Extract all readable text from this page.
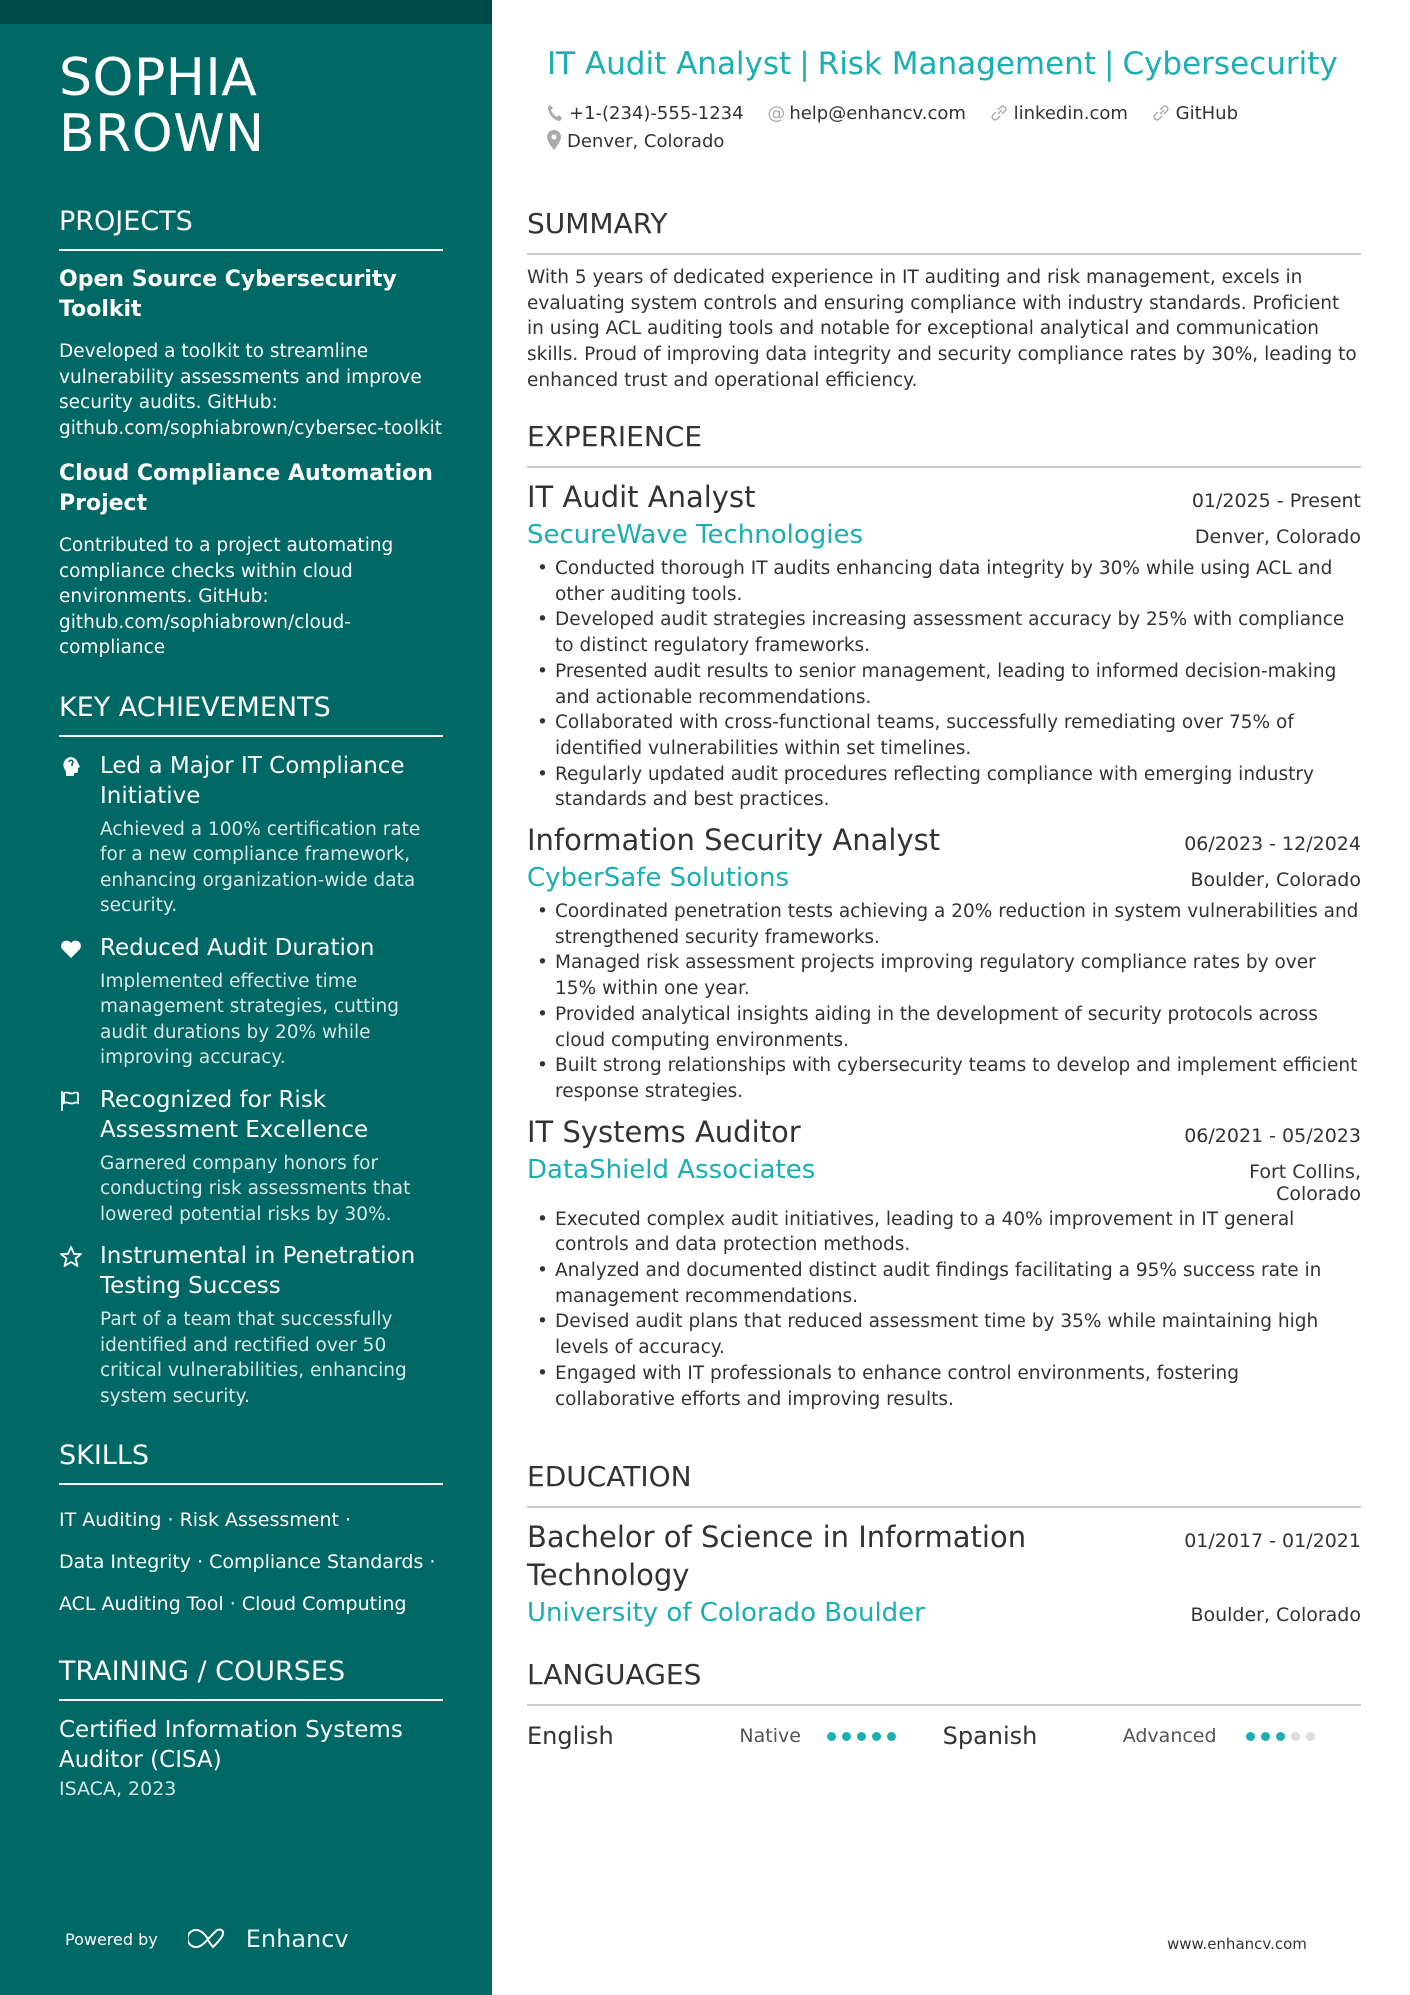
SOPHIA
BROWN
PROJECTS
Open Source Cybersecurity Toolkit
Developed a toolkit to streamline vulnerability assessments and improve security audits. GitHub: github.com/sophiabrown/cybersec-toolkit
Cloud Compliance Automation Project
Contributed to a project automating compliance checks within cloud environments. GitHub: github.com/sophiabrown/cloud-compliance
KEY ACHIEVEMENTS
Led a Major IT Compliance Initiative
Achieved a 100% certification rate for a new compliance framework, enhancing organization-wide data security.
Reduced Audit Duration
Implemented effective time management strategies, cutting audit durations by 20% while improving accuracy.
Recognized for Risk Assessment Excellence
Garnered company honors for conducting risk assessments that lowered potential risks by 30%.
Instrumental in Penetration Testing Success
Part of a team that successfully identified and rectified over 50 critical vulnerabilities, enhancing system security.
SKILLS
IT Auditing · Risk Assessment ·
Data Integrity · Compliance Standards ·
ACL Auditing Tool · Cloud Computing
TRAINING / COURSES
Certified Information Systems Auditor (CISA)
ISACA, 2023
Powered by	Enhancv
IT Audit Analyst | Risk Management | Cybersecurity
+1-(234)-555-1234 @ help@enhancv.com	linkedin.com	GitHub
Denver, Colorado
SUMMARY
With 5 years of dedicated experience in IT auditing and risk management, excels in evaluating system controls and ensuring compliance with industry standards. Proficient in using ACL auditing tools and notable for exceptional analytical and communication skills. Proud of improving data integrity and security compliance rates by 30%, leading to enhanced trust and operational efficiency.
EXPERIENCE
IT Audit Analyst	01/2025 - Present
SecureWave Technologies	Denver, Colorado
• Conducted thorough IT audits enhancing data integrity by 30% while using ACL and other auditing tools.
• Developed audit strategies increasing assessment accuracy by 25% with compliance to distinct regulatory frameworks.
• Presented audit results to senior management, leading to informed decision-making and actionable recommendations.
• Collaborated with cross-functional teams, successfully remediating over 75% of identified vulnerabilities within set timelines.
• Regularly updated audit procedures reflecting compliance with emerging industry standards and best practices.
Information Security Analyst	06/2023 - 12/2024
CyberSafe Solutions	Boulder, Colorado
• Coordinated penetration tests achieving a 20% reduction in system vulnerabilities and strengthened security frameworks.
• Managed risk assessment projects improving regulatory compliance rates by over 15% within one year.
• Provided analytical insights aiding in the development of security protocols across cloud computing environments.
• Built strong relationships with cybersecurity teams to develop and implement efficient response strategies.
IT Systems Auditor	06/2021 - 05/2023
DataShield Associates	Fort Collins, Colorado
• Executed complex audit initiatives, leading to a 40% improvement in IT general controls and data protection methods.
• Analyzed and documented distinct audit findings facilitating a 95% success rate in management recommendations.
• Devised audit plans that reduced assessment time by 35% while maintaining high levels of accuracy.
• Engaged with IT professionals to enhance control environments, fostering collaborative efforts and improving results.
EDUCATION
Bachelor of Science in Information Technology
01/2017 - 01/2021
University of Colorado Boulder	Boulder, Colorado
LANGUAGES
English	Native	Spanish	Advanced
www.enhancv.com
